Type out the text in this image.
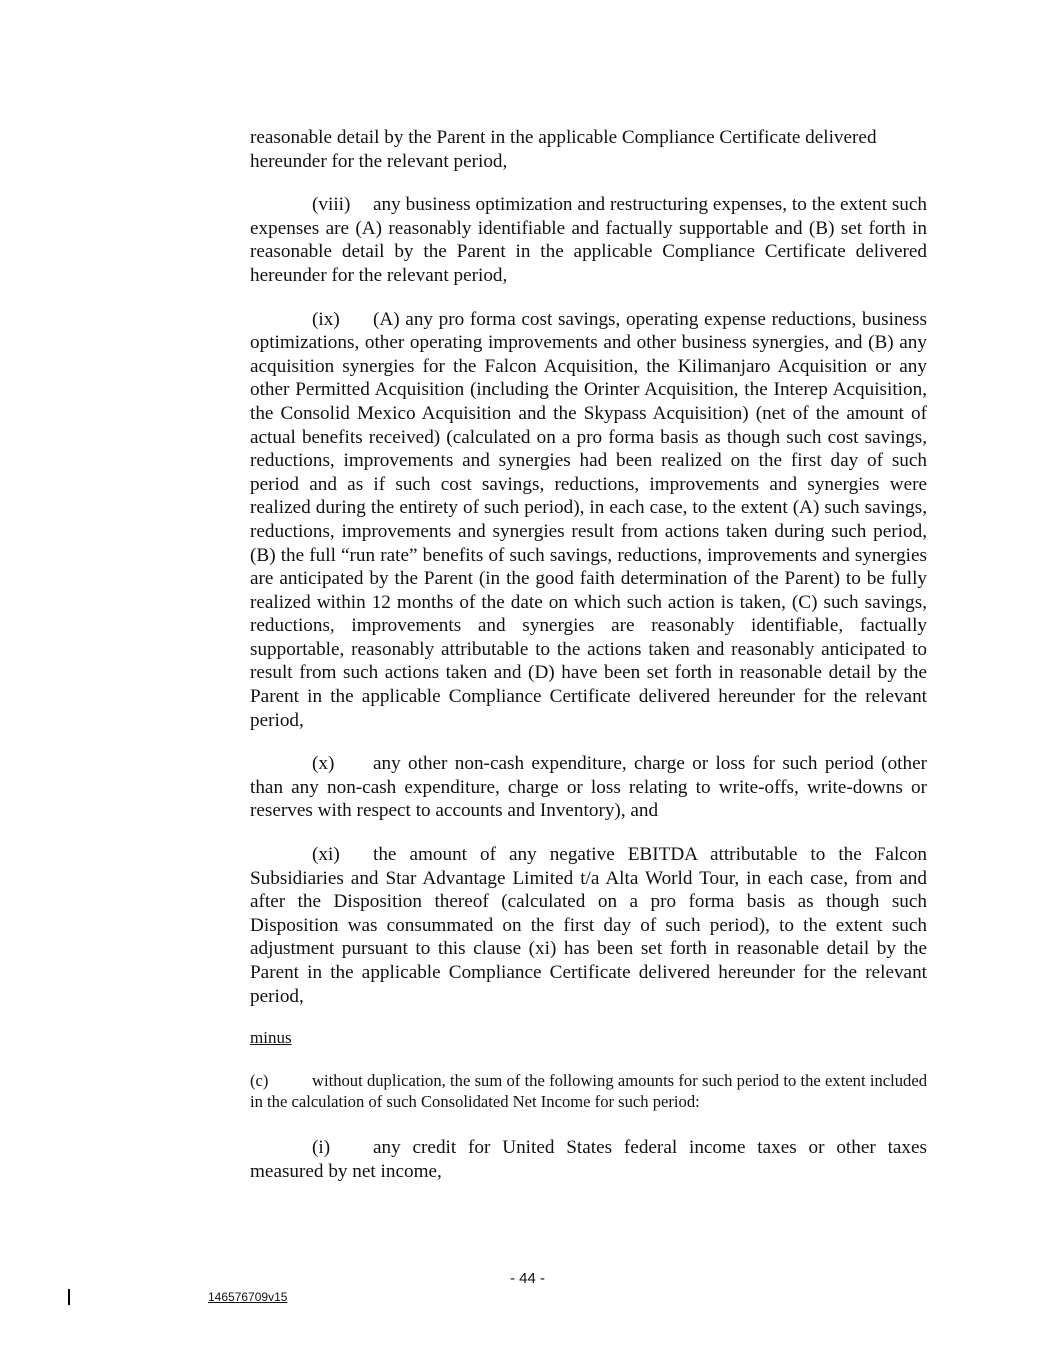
reasonable detail by the Parent in the applicable Compliance Certificate delivered hereunder for the relevant period,

(viii) any business optimization and restructuring expenses, to the extent such expenses are (A) reasonably identifiable and factually supportable and (B) set forth in reasonable detail by the Parent in the applicable Compliance Certificate delivered hereunder for the relevant period,

(ix) (A) any pro forma cost savings, operating expense reductions, business optimizations, other operating improvements and other business synergies, and (B) any acquisition synergies for the Falcon Acquisition, the Kilimanjaro Acquisition or any other Permitted Acquisition (including the Orinter Acquisition, the Interep Acquisition, the Consolid Mexico Acquisition and the Skypass Acquisition) (net of the amount of actual benefits received) (calculated on a pro forma basis as though such cost savings, reductions, improvements and synergies had been realized on the first day of such period and as if such cost savings, reductions, improvements and synergies were realized during the entirety of such period), in each case, to the extent (A) such savings, reductions, improvements and synergies result from actions taken during such period, (B) the full “run rate” benefits of such savings, reductions, improvements and synergies are anticipated by the Parent (in the good faith determination of the Parent) to be fully realized within 12 months of the date on which such action is taken, (C) such savings, reductions, improvements and synergies are reasonably identifiable, factually supportable, reasonably attributable to the actions taken and reasonably anticipated to result from such actions taken and (D) have been set forth in reasonable detail by the Parent in the applicable Compliance Certificate delivered hereunder for the relevant period,

(x) any other non-cash expenditure, charge or loss for such period (other than any non-cash expenditure, charge or loss relating to write-offs, write-downs or reserves with respect to accounts and Inventory), and

(xi) the amount of any negative EBITDA attributable to the Falcon Subsidiaries and Star Advantage Limited t/a Alta World Tour, in each case, from and after the Disposition thereof (calculated on a pro forma basis as though such Disposition was consummated on the first day of such period), to the extent such adjustment pursuant to this clause (xi) has been set forth in reasonable detail by the Parent in the applicable Compliance Certificate delivered hereunder for the relevant period,

minus

(c)	without duplication, the sum of the following amounts for such period to the extent included in the calculation of such Consolidated Net Income for such period:

(i) any credit for United States federal income taxes or other taxes measured by net income,

- 44 -
146576709v15
